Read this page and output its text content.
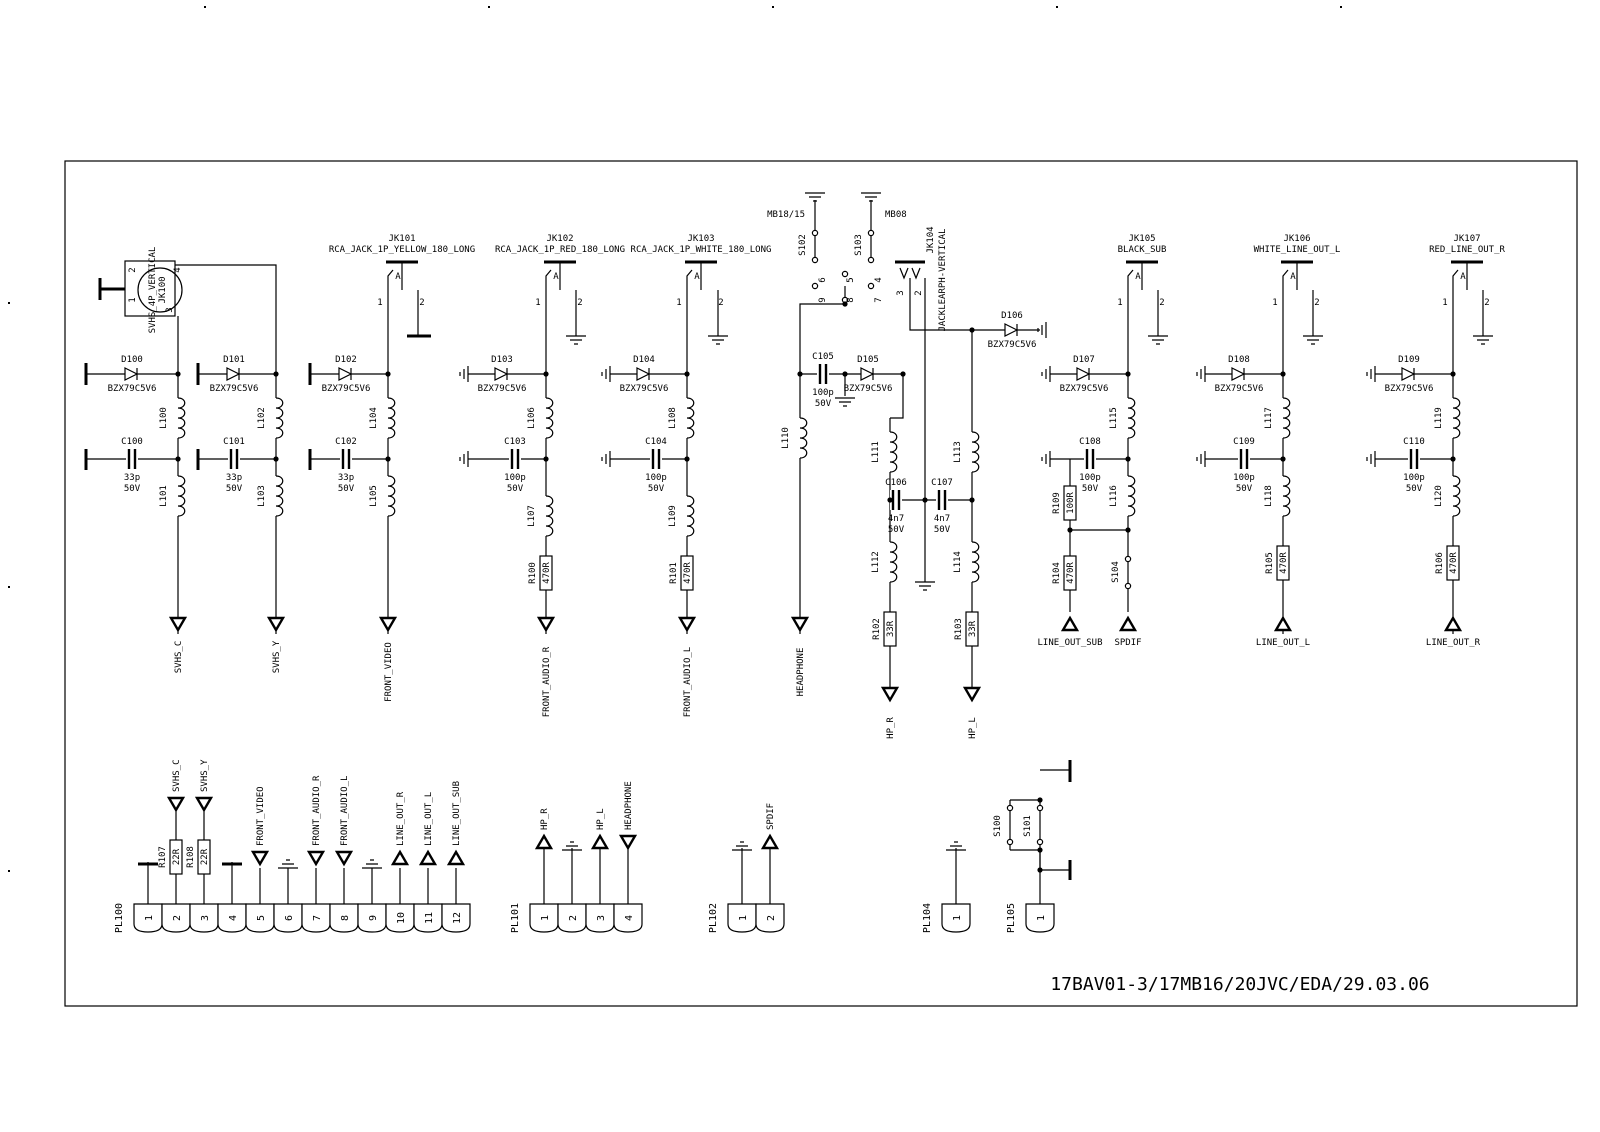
SVHS_4P_VERTICAL JK100
1
2
3
4
JK101
RCA_JACK_1P_YELLOW_180_LONG
A
1	2
JK102
RCA_JACK_1P_RED_180_LONG
A
1	2
JK103
RCA_JACK_1P_WHITE_180_LONG
A
1	2
JK105
BLACK_SUB
A
1	2
JK106
WHITE_LINE_OUT_L
A
1	2
JK107
RED_LINE_OUT_R
A
1	2
JK104 JACKLEARPH-VERTICAL
3 2
MB18/15	MB08
S102	S103
6
9 8
5 4
7
D100
BZX79C5V6
D101
BZX79C5V6
D102
BZX79C5V6
D103
BZX79C5V6
D104
BZX79C5V6
D105
BZX79C5V6
D106
BZX79C5V6
D107
BZX79C5V6
D108
BZX79C5V6
D109
BZX79C5V6
C100
33p
50V
C101
33p
50V
C102
33p
50V
C103
100p
50V
C104
100p
50V
C105
100p
50V
C106
4n7
50V
C107
4n7
50V
C108
100p
50V
C109
100p
50V
C110
100p
50V
L100
L101
L102
L103
L104
L105
L106
L107
L108
L109
L110
L111
L112
L113
L114
L115
L116
L117
L118
L119
L120
470R
R100	470R
R101
33R
R102	33R
R103
470R
R104	470R
R105	470R
R106
22R
R107	22R
R108
100R
R109
S104
SVHS_C	SVHS_Y	FRONT_VIDEO	FRONT_AUDIO_R	FRONT_AUDIO_L	HEADPHONE
HP_R	HP_L
LINE_OUT_SUB SPDIF	LINE_OUT_L	LINE_OUT_R
1 2 3 4 5 6 7 8 9 10 11 12
PL100	1 2 3 4
PL101	1 2
PL102	1
PL104	1
PL105
SVHS_C SVHS_Y
FRONT_VIDEO	FRONT_AUDIO_R FRONT_AUDIO_L	LINE_OUT_R LINE_OUT_L LINE_OUT_SUB	HP_R	HP_L HEADPHONE	SPDIF	S100 S101
17BAV01-3/17MB16/20JVC/EDA/29.03.06
